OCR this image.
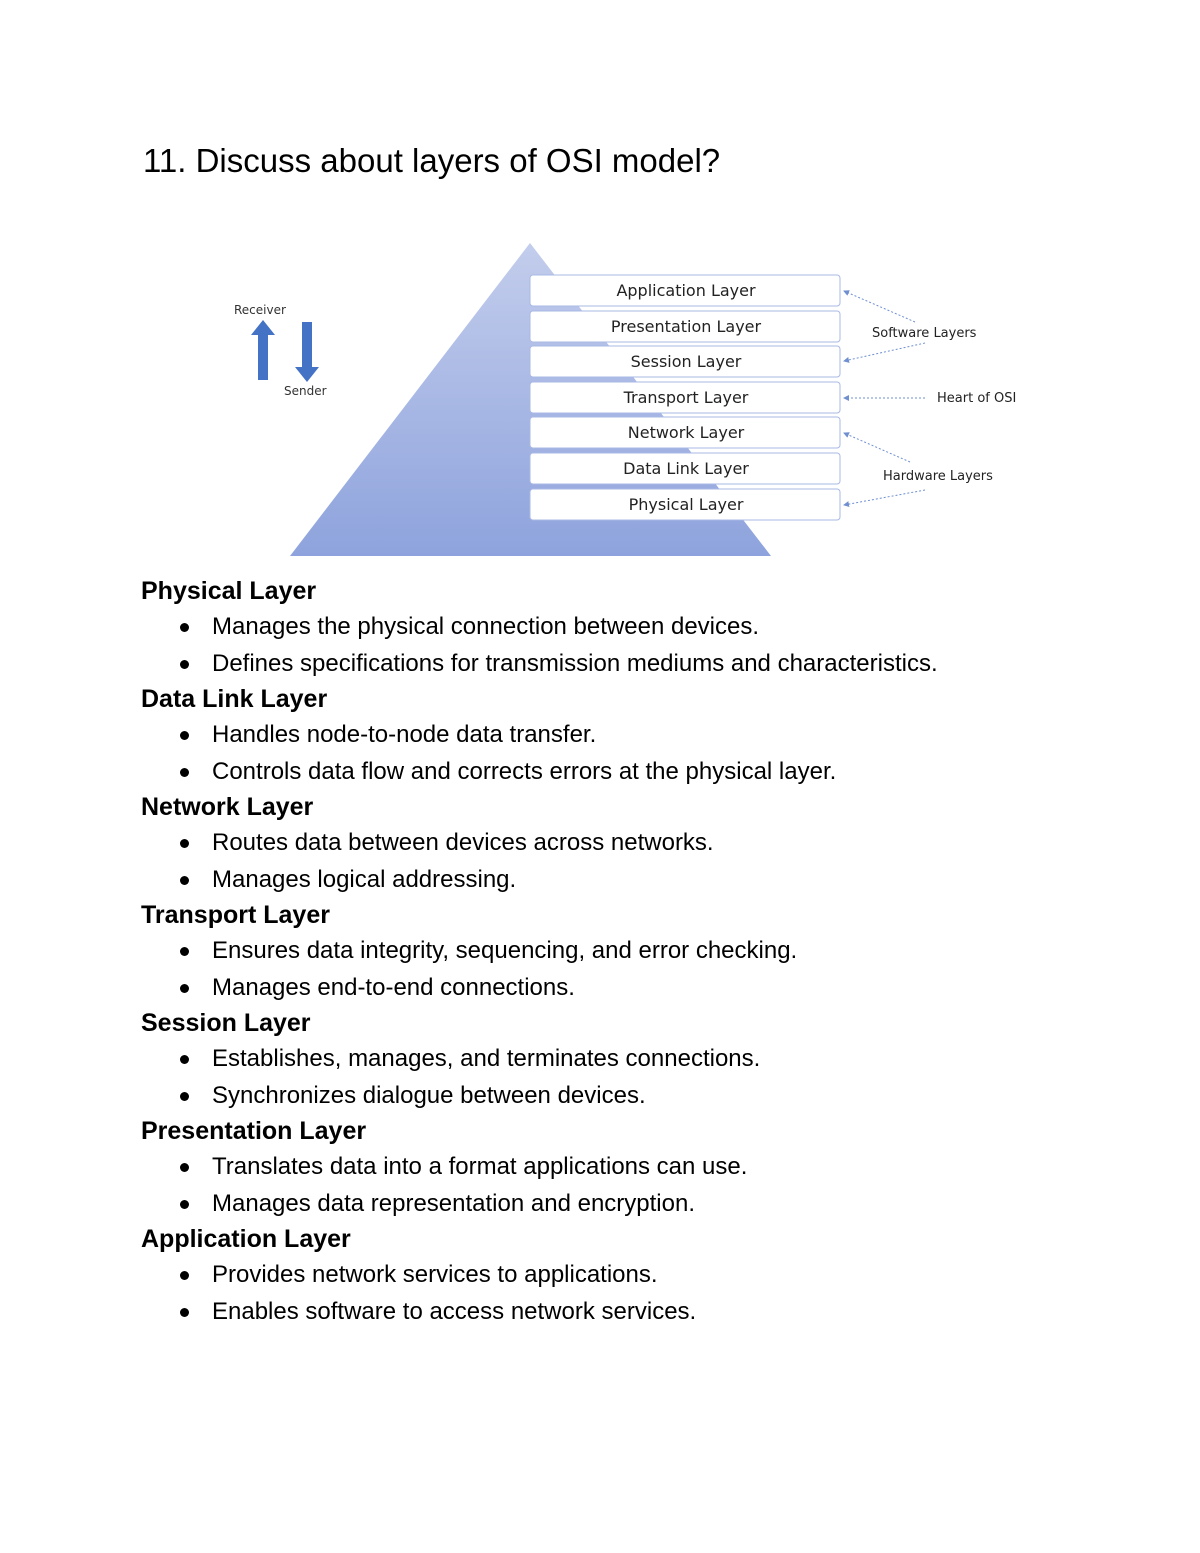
11. Discuss about layers of OSI model?
Receiver
Sender
Application Layer
Presentation Layer
Session Layer
Transport Layer
Network Layer
Data Link Layer
Physical Layer
Software Layers
Heart of OSI
Hardware Layers
Physical Layer
Manages the physical connection between devices.
Defines specifications for transmission mediums and characteristics.
Data Link Layer
Handles node-to-node data transfer.
Controls data flow and corrects errors at the physical layer.
Network Layer
Routes data between devices across networks.
Manages logical addressing.
Transport Layer
Ensures data integrity, sequencing, and error checking.
Manages end-to-end connections.
Session Layer
Establishes, manages, and terminates connections.
Synchronizes dialogue between devices.
Presentation Layer
Translates data into a format applications can use.
Manages data representation and encryption.
Application Layer
Provides network services to applications.
Enables software to access network services.
